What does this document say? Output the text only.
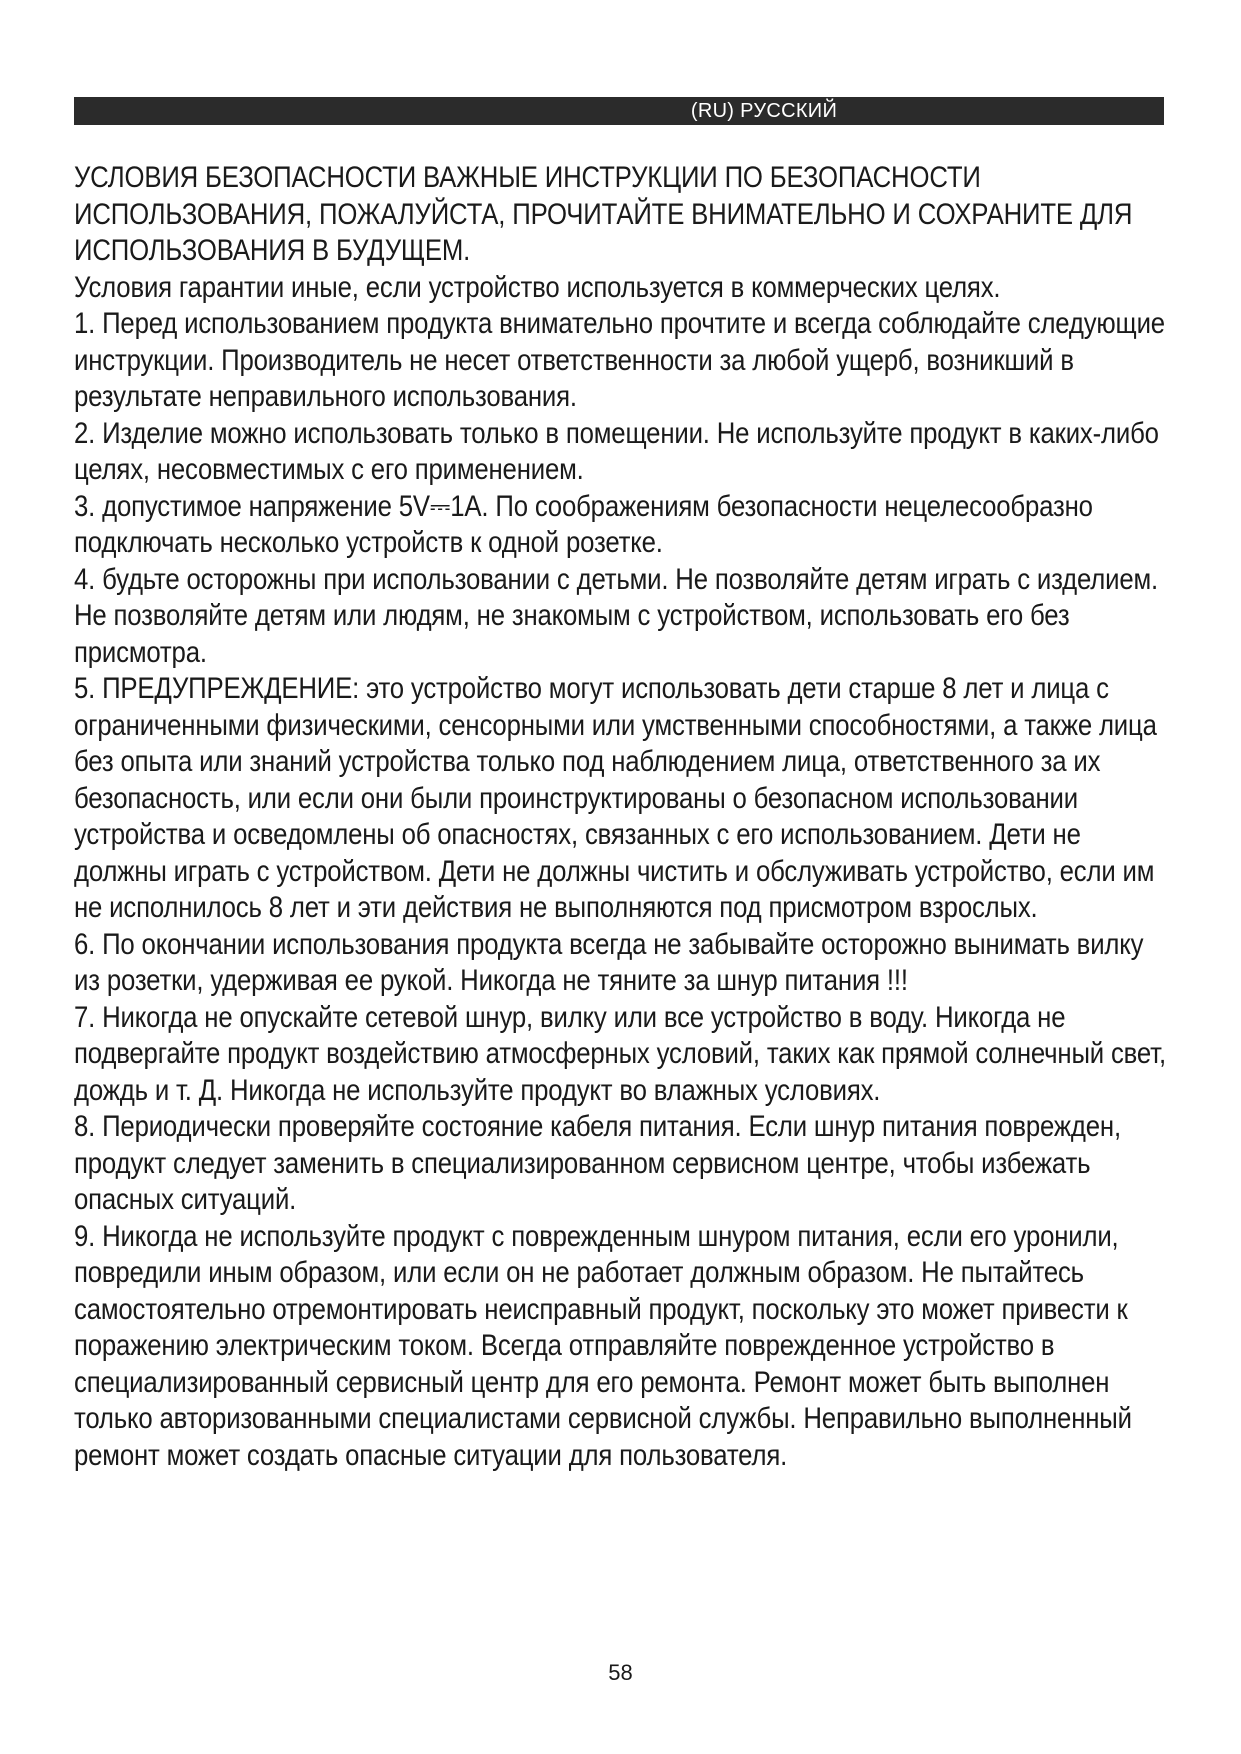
(RU) РУССКИЙ
УСЛОВИЯ БЕЗОПАСНОСТИ ВАЖНЫЕ ИНСТРУКЦИИ ПО БЕЗОПАСНОСТИ ИСПОЛЬЗОВАНИЯ, ПОЖАЛУЙСТА, ПРОЧИТАЙТЕ ВНИМАТЕЛЬНО И СОХРАНИТЕ ДЛЯ ИСПОЛЬЗОВАНИЯ В БУДУЩЕМ.

Условия гарантии иные, если устройство используется в коммерческих целях.

1. Перед использованием продукта внимательно прочтите и всегда соблюдайте следующие инструкции. Производитель не несет ответственности за любой ущерб, возникший в результате неправильного использования.

2. Изделие можно использовать только в помещении. Не используйте продукт в каких-либо целях, несовместимых с его применением.

3. допустимое напряжение 5V⎓1A. По соображениям безопасности нецелесообразно подключать несколько устройств к одной розетке.

4. будьте осторожны при использовании с детьми. Не позволяйте детям играть с изделием. Не позволяйте детям или людям, не знакомым с устройством, использовать его без присмотра.

5. ПРЕДУПРЕЖДЕНИЕ: это устройство могут использовать дети старше 8 лет и лица с ограниченными физическими, сенсорными или умственными способностями, а также лица без опыта или знаний устройства только под наблюдением лица, ответственного за их безопасность, или если они были проинструктированы о безопасном использовании устройства и осведомлены об опасностях, связанных с его использованием. Дети не должны играть с устройством. Дети не должны чистить и обслуживать устройство, если им не исполнилось 8 лет и эти действия не выполняются под присмотром взрослых.

6. По окончании использования продукта всегда не забывайте осторожно вынимать вилку из розетки, удерживая ее рукой. Никогда не тяните за шнур питания !!!

7. Никогда не опускайте сетевой шнур, вилку или все устройство в воду. Никогда не подвергайте продукт воздействию атмосферных условий, таких как прямой солнечный свет, дождь и т. Д. Никогда не используйте продукт во влажных условиях.

8. Периодически проверяйте состояние кабеля питания. Если шнур питания поврежден, продукт следует заменить в специализированном сервисном центре, чтобы избежать опасных ситуаций.

9. Никогда не используйте продукт с поврежденным шнуром питания, если его уронили, повредили иным образом, или если он не работает должным образом. Не пытайтесь самостоятельно отремонтировать неисправный продукт, поскольку это может привести к поражению электрическим током. Всегда отправляйте поврежденное устройство в специализированный сервисный центр для его ремонта. Ремонт может быть выполнен только авторизованными специалистами сервисной службы. Неправильно выполненный ремонт может создать опасные ситуации для пользователя.

58
